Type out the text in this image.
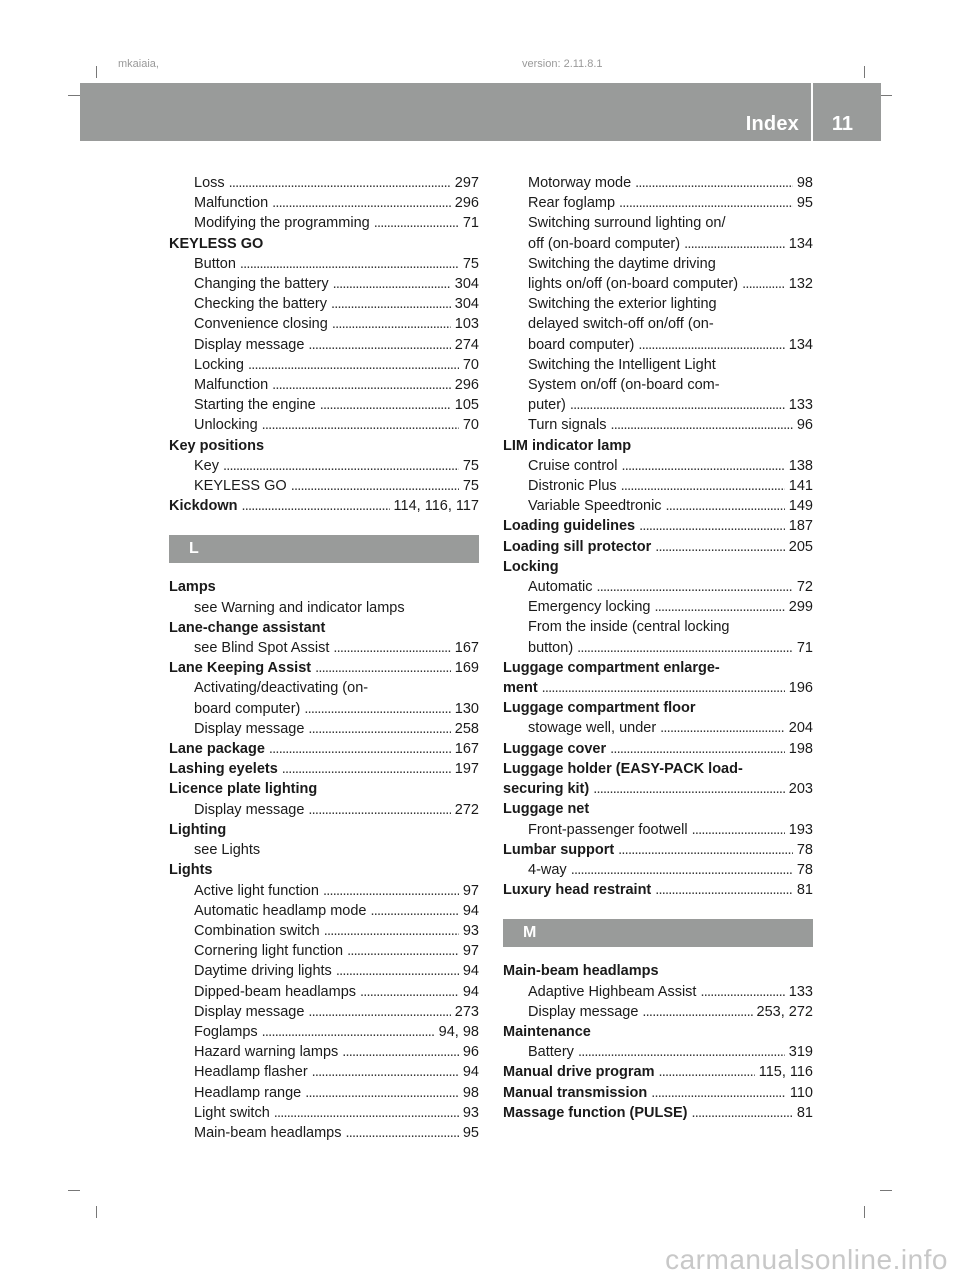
mkaiaia,	version: 2.11.8.1
Index 11
Loss . . .	297
Malfunction . . .	296
Modifying the programming . . .	71
KEYLESS GO
Button . . .	75
Changing the battery . . .	304
Checking the battery . . .	304
Convenience closing . . .	103
Display message . . .	274
Locking . . .	70
Malfunction . . .	296
Starting the engine . . .	105
Unlocking . . .	70
Key positions
Key . . .	75
KEYLESS GO . . .	75
Kickdown . . .	114, 116, 117
L
Lamps
see Warning and indicator lamps
Lane-change assistant
see Blind Spot Assist . . .	167
Lane Keeping Assist . . .	169
Activating/deactivating (on-
board computer) . . .	130
Display message . . .	258
Lane package . . .	167
Lashing eyelets . . .	197
Licence plate lighting
Display message . . .	272
Lighting
see Lights
Lights
Active light function . . .	97
Automatic headlamp mode . . .	94
Combination switch . . .	93
Cornering light function . . .	97
Daytime driving lights . . .	94
Dipped-beam headlamps . . .	94
Display message . . .	273
Foglamps . . .	94, 98
Hazard warning lamps . . .	96
Headlamp flasher . . .	94
Headlamp range . . .	98
Light switch . . .	93
Main-beam headlamps . . .	95
Motorway mode . . .	98
Rear foglamp . . .	95
Switching surround lighting on/
off (on-board computer) . . .	134
Switching the daytime driving
lights on/off (on-board computer) . . .	132
Switching the exterior lighting
delayed switch-off on/off (on-
board computer) . . .	134
Switching the Intelligent Light
System on/off (on-board com-
puter) . . .	133
Turn signals . . .	96
LIM indicator lamp
Cruise control . . .	138
Distronic Plus . . .	141
Variable Speedtronic . . .	149
Loading guidelines . . .	187
Loading sill protector . . .	205
Locking
Automatic . . .	72
Emergency locking . . .	299
From the inside (central locking
button) . . .	71
Luggage compartment enlarge-
ment . . .	196
Luggage compartment floor
stowage well, under . . .	204
Luggage cover . . .	198
Luggage holder (EASY-PACK load-
securing kit) . . .	203
Luggage net
Front-passenger footwell . . .	193
Lumbar support . . .	78
4-way . . .	78
Luxury head restraint . . .	81
M
Main-beam headlamps
Adaptive Highbeam Assist . . .	133
Display message . . .	253, 272
Maintenance
Battery . . .	319
Manual drive program . . .	115, 116
Manual transmission . . .	110
Massage function (PULSE) . . .	81
carmanualsonline.info
